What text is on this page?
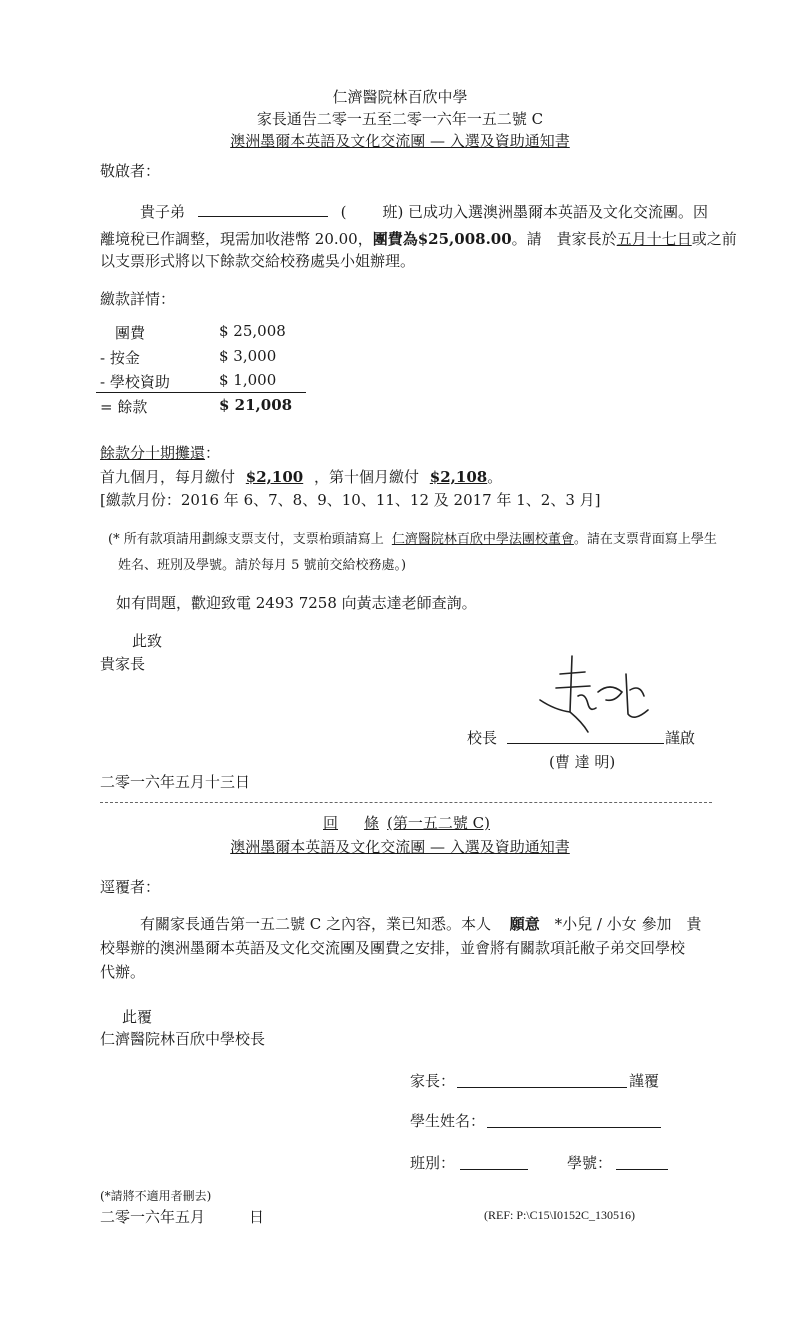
仁濟醫院林百欣中學
家長通告二零一五至二零一六年一五二號 C
澳洲墨爾本英語及文化交流團 — 入選及資助通知書
敬啟者：
貴子弟	( 班) 已成功入選澳洲墨爾本英語及文化交流團。因
離境稅已作調整，現需加收港幣 20.00，團費為$25,008.00。請　貴家長於五月十七日或之前
以支票形式將以下餘款交給校務處吳小姐辦理。
繳款詳情：
　團費	$ 25,008
- 按金	$ 3,000
- 學校資助	$ 1,000
= 餘款	$ 21,008
餘款分十期攤還：
首九個月，每月繳付 $2,100 ，第十個月繳付 $2,108。
[繳款月份：2016 年 6、7、8、9、10、11、12 及 2017 年 1、2、3 月]
(* 所有款項請用劃線支票支付，支票枱頭請寫上 仁濟醫院林百欣中學法團校董會。請在支票背面寫上學生
姓名、班別及學號。請於每月 5 號前交給校務處。)
如有問題，歡迎致電 2493 7258 向黃志達老師查詢。
此致
貴家長
校長	謹啟
(曹 達 明)
二零一六年五月十三日
回 條 (第一五二號 C)
澳洲墨爾本英語及文化交流團 — 入選及資助通知書
逕覆者：
有關家長通告第一五二號 C 之內容，業已知悉。本人 願意 *小兒 / 小女 參加　貴
校舉辦的澳洲墨爾本英語及文化交流團及團費之安排，並會將有關款項託敝子弟交回學校
代辦。
此覆
仁濟醫院林百欣中學校長
家長：	謹覆
學生姓名：
班別：	學號：
(*請將不適用者刪去)
二零一六年五月	日	(REF: P:\C15\I0152C_130516)
